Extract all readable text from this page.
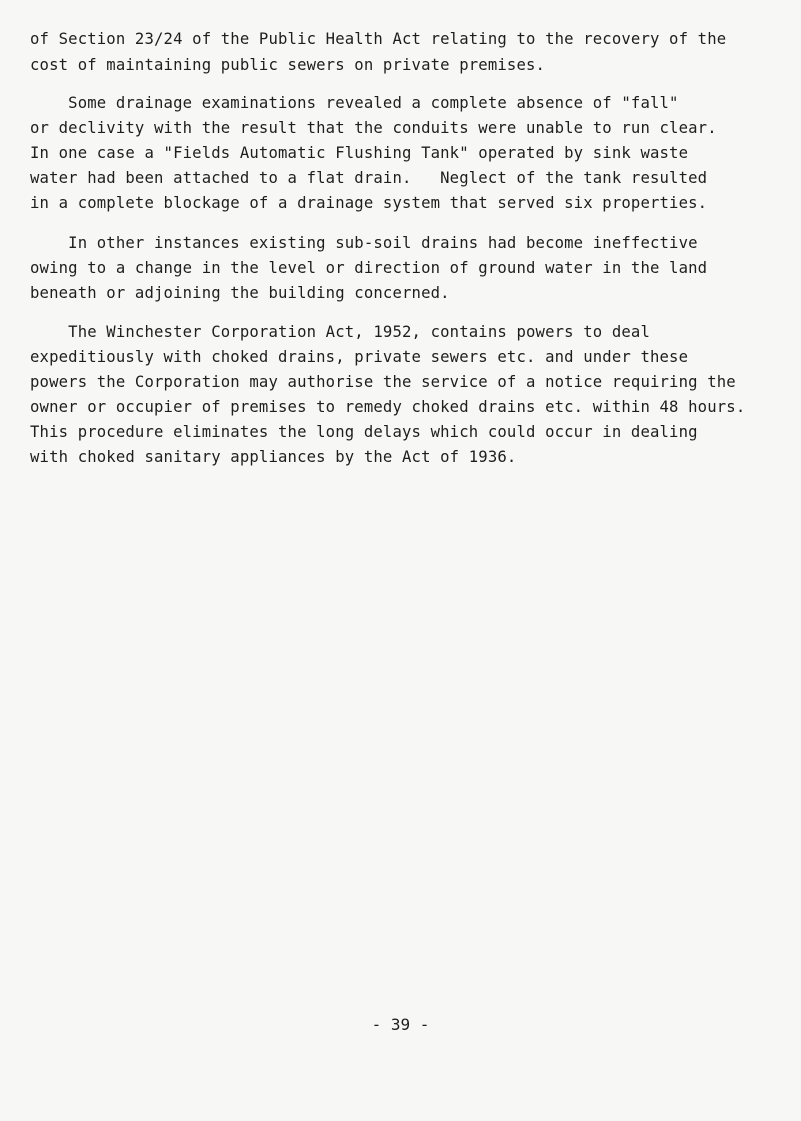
of Section 23/24 of the Public Health Act relating to the recovery of the
cost of maintaining public sewers on private premises.
Some drainage examinations revealed a complete absence of "fall"
or declivity with the result that the conduits were unable to run clear.
In one case a "Fields Automatic Flushing Tank" operated by sink waste
water had been attached to a flat drain.   Neglect of the tank resulted
in a complete blockage of a drainage system that served six properties.
In other instances existing sub-soil drains had become ineffective
owing to a change in the level or direction of ground water in the land
beneath or adjoining the building concerned.
The Winchester Corporation Act, 1952, contains powers to deal
expeditiously with choked drains, private sewers etc. and under these
powers the Corporation may authorise the service of a notice requiring the
owner or occupier of premises to remedy choked drains etc. within 48 hours.
This procedure eliminates the long delays which could occur in dealing
with choked sanitary appliances by the Act of 1936.
- 39 -
